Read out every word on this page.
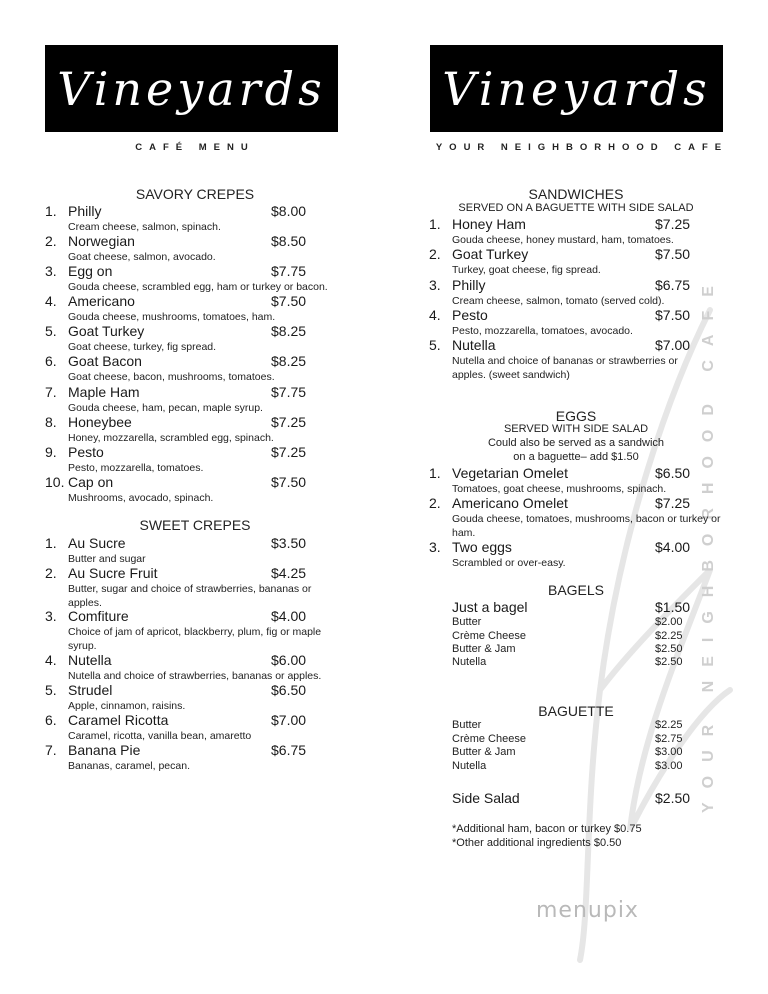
Vineyards	Vineyards
CAFÉ MENU	YOUR NEIGHBORHOOD CAFE
YOUR NEIGHBORHOOD CAFE
menupix
SAVORY CREPES
1. Philly	$8.00
Cream cheese, salmon, spinach.
2. Norwegian	$8.50
Goat cheese, salmon, avocado.
3. Egg on	$7.75
Gouda cheese, scrambled egg, ham or turkey or bacon.
4. Americano	$7.50
Gouda cheese, mushrooms, tomatoes, ham.
5. Goat Turkey	$8.25
Goat cheese, turkey, fig spread.
6. Goat Bacon	$8.25
Goat cheese, bacon, mushrooms, tomatoes.
7. Maple Ham	$7.75
Gouda cheese, ham, pecan, maple syrup.
8. Honeybee	$7.25
Honey, mozzarella, scrambled egg, spinach.
9. Pesto	$7.25
Pesto, mozzarella, tomatoes.
10. Cap on	$7.50
Mushrooms, avocado, spinach.
SWEET CREPES
1. Au Sucre	$3.50
Butter and sugar
2. Au Sucre Fruit	$4.25
Butter, sugar and choice of strawberries, bananas or apples.
3. Comfiture	$4.00
Choice of jam of apricot, blackberry, plum, fig or maple syrup.
4. Nutella	$6.00
Nutella and choice of strawberries, bananas or apples.
5. Strudel	$6.50
Apple, cinnamon, raisins.
6. Caramel Ricotta	$7.00
Caramel, ricotta, vanilla bean, amaretto
7. Banana Pie	$6.75
Bananas, caramel, pecan.
SANDWICHES
SERVED ON A BAGUETTE WITH SIDE SALAD
1. Honey Ham	$7.25
Gouda cheese, honey mustard, ham, tomatoes.
2. Goat Turkey	$7.50
Turkey, goat cheese, fig spread.
3. Philly	$6.75
Cream cheese, salmon, tomato (served cold).
4. Pesto	$7.50
Pesto, mozzarella, tomatoes, avocado.
5. Nutella	$7.00
Nutella and choice of bananas or strawberries or apples. (sweet sandwich)
EGGS
SERVED WITH SIDE SALAD
Could also be served as a sandwich
on a baguette– add $1.50
1. Vegetarian Omelet	$6.50
Tomatoes, goat cheese, mushrooms, spinach.
2. Americano Omelet	$7.25
Gouda cheese, tomatoes, mushrooms, bacon or turkey or ham.
3. Two eggs	$4.00
Scrambled or over-easy.
BAGELS
Just a bagel	$1.50
Butter	$2.00
Crème Cheese	$2.25
Butter & Jam	$2.50
Nutella	$2.50
BAGUETTE
Butter	$2.25
Crème Cheese	$2.75
Butter & Jam	$3.00
Nutella	$3.00
Side Salad	$2.50
*Additional ham, bacon or turkey $0.75
*Other additional ingredients $0.50
